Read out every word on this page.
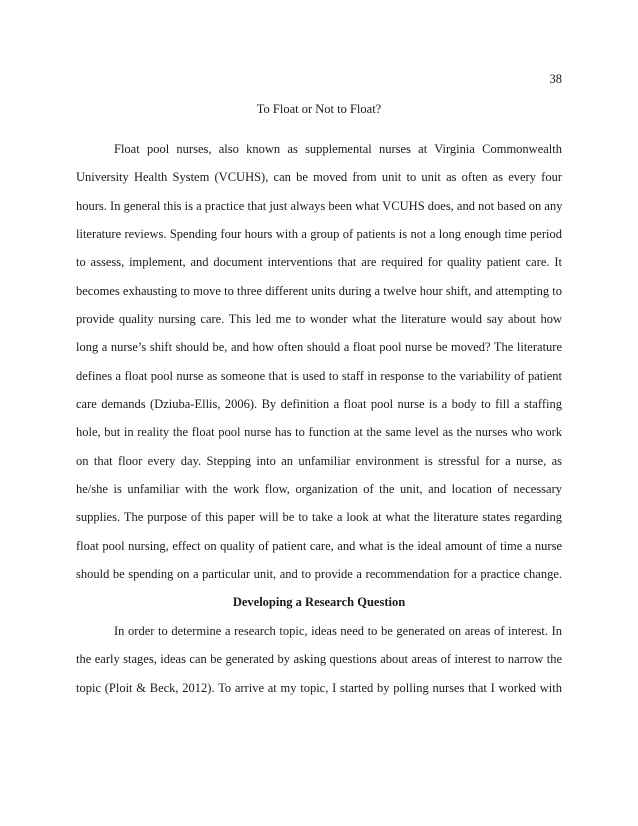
38
To Float or Not to Float?
Float pool nurses, also known as supplemental nurses at Virginia Commonwealth
University Health System (VCUHS), can be moved from unit to unit as often as every four
hours. In general this is a practice that just always been what VCUHS does, and not based on any
literature reviews. Spending four hours with a group of patients is not a long enough time period
to assess, implement, and document interventions that are required for quality patient care. It
becomes exhausting to move to three different units during a twelve hour shift, and attempting to
provide quality nursing care. This led me to wonder what the literature would say about how
long a nurse’s shift should be, and how often should a float pool nurse be moved? The literature
defines a float pool nurse as someone that is used to staff in response to the variability of patient
care demands (Dziuba-Ellis, 2006). By definition a float pool nurse is a body to fill a staffing
hole, but in reality the float pool nurse has to function at the same level as the nurses who work
on that floor every day. Stepping into an unfamiliar environment is stressful for a nurse, as
he/she is unfamiliar with the work flow, organization of the unit, and location of necessary
supplies. The purpose of this paper will be to take a look at what the literature states regarding
float pool nursing, effect on quality of patient care, and what is the ideal amount of time a nurse
should be spending on a particular unit, and to provide a recommendation for a practice change.
Developing a Research Question
In order to determine a research topic, ideas need to be generated on areas of interest. In
the early stages, ideas can be generated by asking questions about areas of interest to narrow the
topic (Ploit & Beck, 2012). To arrive at my topic, I started by polling nurses that I worked with
